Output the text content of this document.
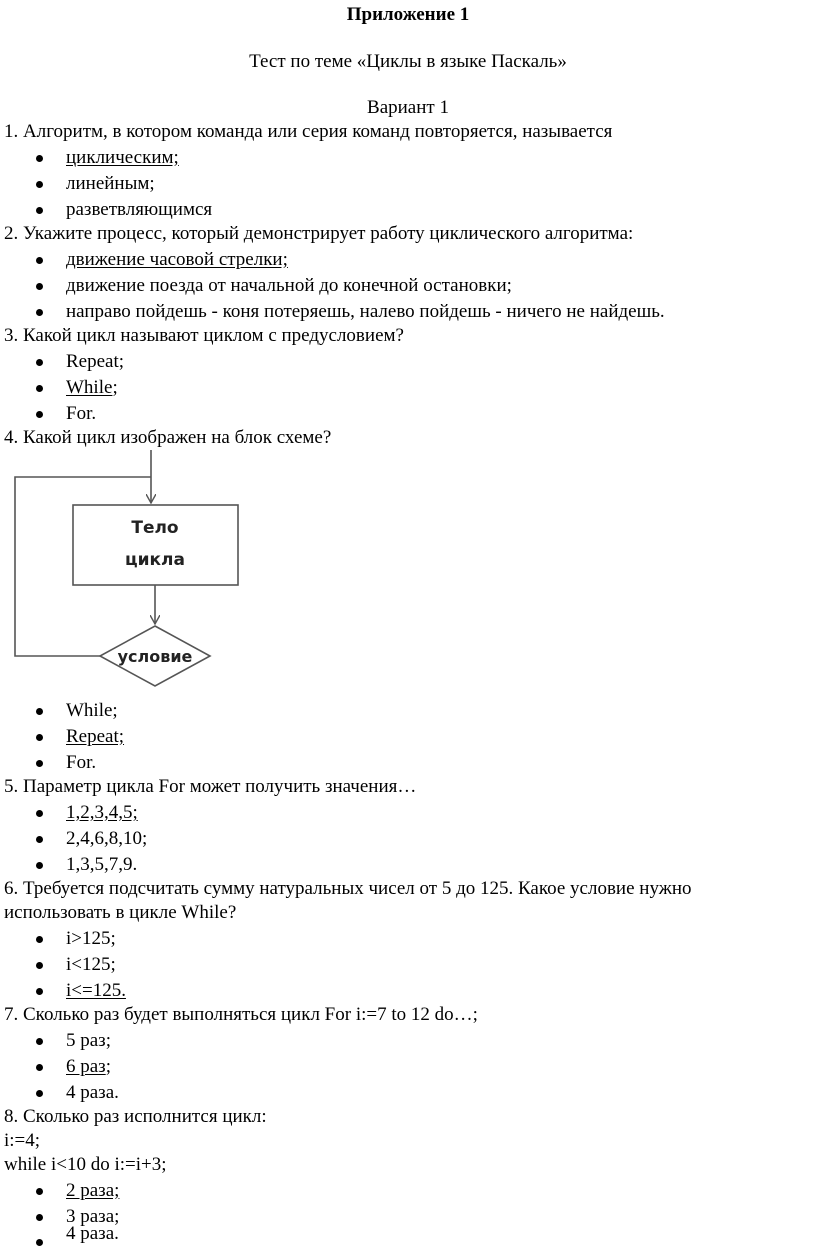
Приложение 1
Тест по теме «Циклы в языке Паскаль»
Вариант 1
1. Алгоритм, в котором команда или серия команд повторяется, называется
циклическим;
линейным;
разветвляющимся
2. Укажите процесс, который демонстрирует работу циклического алгоритма:
движение часовой стрелки;
движение поезда от начальной до конечной остановки;
направо пойдешь - коня потеряешь, налево пойдешь - ничего не найдешь.
3. Какой цикл называют циклом с предусловием?
Repeat;
While;
For.
4. Какой цикл изображен на блок схеме?
Тело
цикла
условие
While;
Repeat;
For.
5. Параметр цикла For может получить значения…
1,2,3,4,5;
2,4,6,8,10;
1,3,5,7,9.
6. Требуется подсчитать сумму натуральных чисел от 5 до 125. Какое условие нужно
использовать в цикле While?
i>125;
i<125;
i<=125.
7. Сколько раз будет выполняться цикл For i:=7 to 12 do…;
5 раз;
6 раз;
4 раза.
8. Сколько раз исполнится цикл:
i:=4;
while i<10 do i:=i+3;
2 раза;
3 раза;
4 раза.
